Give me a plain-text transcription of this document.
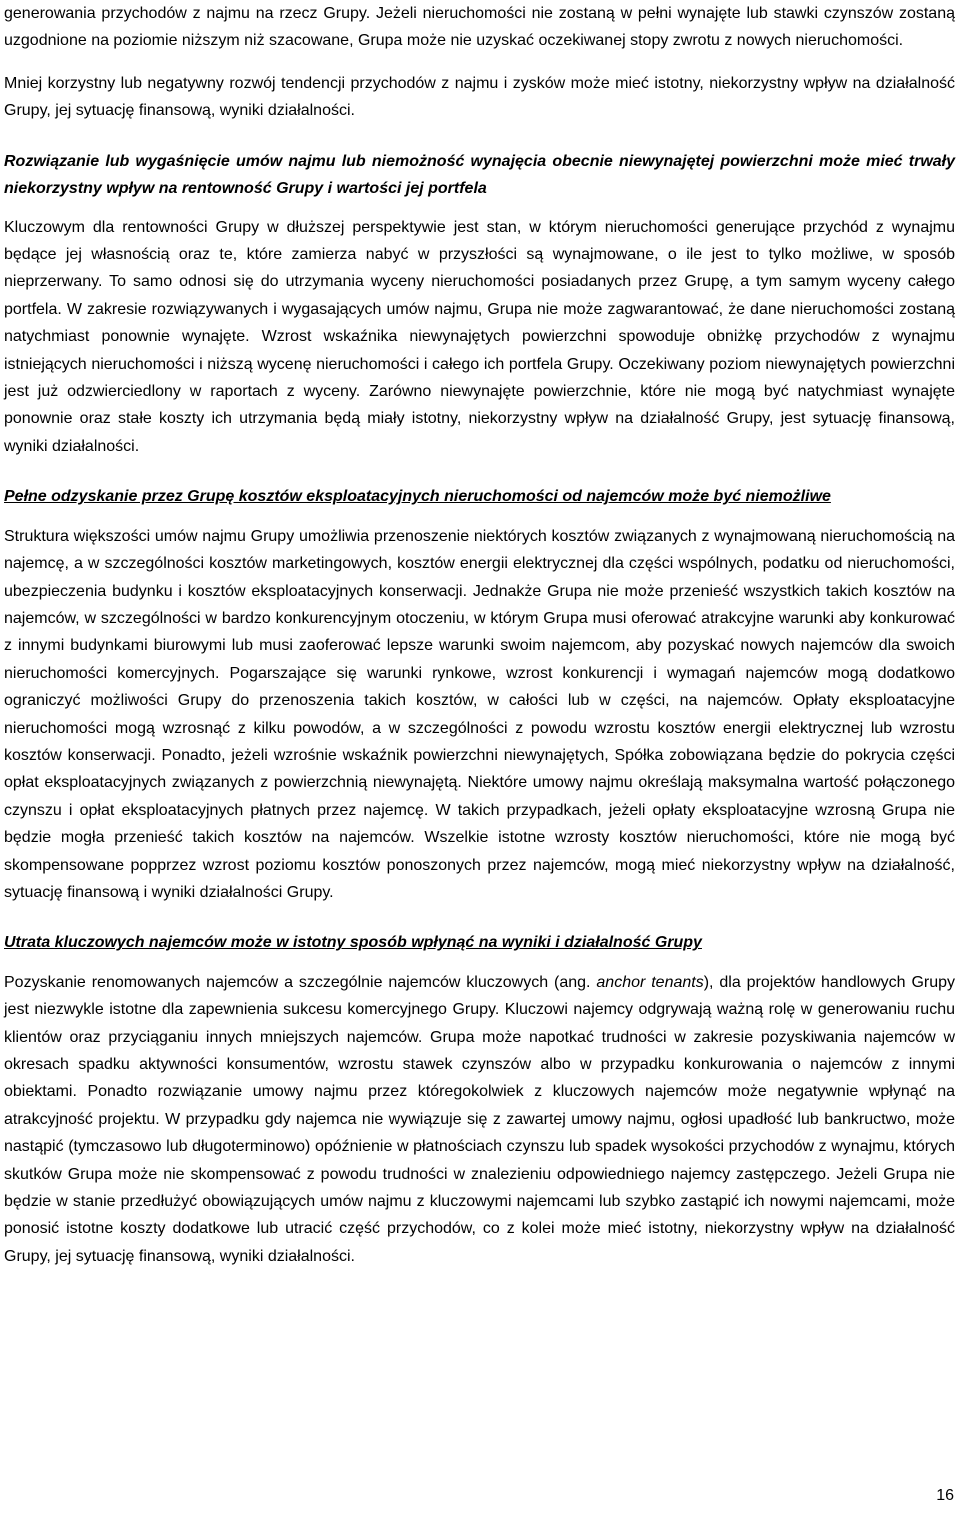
generowania przychodów z najmu na rzecz Grupy. Jeżeli nieruchomości nie zostaną w pełni wynajęte lub stawki czynszów zostaną uzgodnione na poziomie niższym niż szacowane, Grupa może nie uzyskać oczekiwanej stopy zwrotu z nowych nieruchomości.

Mniej korzystny lub negatywny rozwój tendencji przychodów z najmu i zysków może mieć istotny, niekorzystny wpływ na działalność Grupy, jej sytuację finansową, wyniki działalności.

Rozwiązanie lub wygaśnięcie umów najmu lub niemożność wynajęcia obecnie niewynajętej powierzchni może mieć trwały niekorzystny wpływ na rentowność Grupy i wartości jej portfela

Kluczowym dla rentowności Grupy w dłuższej perspektywie jest stan, w którym nieruchomości generujące przychód z wynajmu będące jej własnością oraz te, które zamierza nabyć w przyszłości są wynajmowane, o ile jest to tylko możliwe, w sposób nieprzerwany. To samo odnosi się do utrzymania wyceny nieruchomości posiadanych przez Grupę, a tym samym wyceny całego portfela. W zakresie rozwiązywanych i wygasających umów najmu, Grupa nie może zagwarantować, że dane nieruchomości zostaną natychmiast ponownie wynajęte. Wzrost wskaźnika niewynajętych powierzchni spowoduje obniżkę przychodów z wynajmu istniejących nieruchomości i niższą wycenę nieruchomości i całego ich portfela Grupy. Oczekiwany poziom niewynajętych powierzchni jest już odzwierciedlony w raportach z wyceny. Zarówno niewynajęte powierzchnie, które nie mogą być natychmiast wynajęte ponownie oraz stałe koszty ich utrzymania będą miały istotny, niekorzystny wpływ na działalność Grupy, jest sytuację finansową, wyniki działalności.

Pełne odzyskanie przez Grupę kosztów eksploatacyjnych nieruchomości od najemców może być niemożliwe

Struktura większości umów najmu Grupy umożliwia przenoszenie niektórych kosztów związanych z wynajmowaną nieruchomością na najemcę, a w szczególności kosztów marketingowych, kosztów energii elektrycznej dla części wspólnych, podatku od nieruchomości, ubezpieczenia budynku i kosztów eksploatacyjnych konserwacji. Jednakże Grupa nie może przenieść wszystkich takich kosztów na najemców, w szczególności w bardzo konkurencyjnym otoczeniu, w którym Grupa musi oferować atrakcyjne warunki aby konkurować z innymi budynkami biurowymi lub musi zaoferować lepsze warunki swoim najemcom, aby pozyskać nowych najemców dla swoich nieruchomości komercyjnych. Pogarszające się warunki rynkowe, wzrost konkurencji i wymagań najemców mogą dodatkowo ograniczyć możliwości Grupy do przenoszenia takich kosztów, w całości lub w części, na najemców. Opłaty eksploatacyjne nieruchomości mogą wzrosnąć z kilku powodów, a w szczególności z powodu wzrostu kosztów energii elektrycznej lub wzrostu kosztów konserwacji. Ponadto, jeżeli wzrośnie wskaźnik powierzchni niewynajętych, Spółka zobowiązana będzie do pokrycia części opłat eksploatacyjnych związanych z powierzchnią niewynajętą. Niektóre umowy najmu określają maksymalna wartość połączonego czynszu i opłat eksploatacyjnych płatnych przez najemcę. W takich przypadkach, jeżeli opłaty eksploatacyjne wzrosną Grupa nie będzie mogła przenieść takich kosztów na najemców. Wszelkie istotne wzrosty kosztów nieruchomości, które nie mogą być skompensowane popprzez wzrost poziomu kosztów ponoszonych przez najemców, mogą mieć niekorzystny wpływ na działalność, sytuację finansową i wyniki działalności Grupy.

Utrata kluczowych najemców może w istotny sposób wpłynąć na wyniki i działalność Grupy

Pozyskanie renomowanych najemców a szczególnie najemców kluczowych (ang. anchor tenants), dla projektów handlowych Grupy jest niezwykle istotne dla zapewnienia sukcesu komercyjnego Grupy. Kluczowi najemcy odgrywają ważną rolę w generowaniu ruchu klientów oraz przyciąganiu innych mniejszych najemców. Grupa może napotkać trudności w zakresie pozyskiwania najemców w okresach spadku aktywności konsumentów, wzrostu stawek czynszów albo w przypadku konkurowania o najemców z innymi obiektami. Ponadto rozwiązanie umowy najmu przez któregokolwiek z kluczowych najemców może negatywnie wpłynąć na atrakcyjność projektu. W przypadku gdy najemca nie wywiązuje się z zawartej umowy najmu, ogłosi upadłość lub bankructwo, może nastąpić (tymczasowo lub długoterminowo) opóźnienie w płatnościach czynszu lub spadek wysokości przychodów z wynajmu, których skutków Grupa może nie skompensować z powodu trudności w znalezieniu odpowiedniego najemcy zastępczego. Jeżeli Grupa nie będzie w stanie przedłużyć obowiązujących umów najmu z kluczowymi najemcami lub szybko zastąpić ich nowymi najemcami, może ponosić istotne koszty dodatkowe lub utracić część przychodów, co z kolei może mieć istotny, niekorzystny wpływ na działalność Grupy, jej sytuację finansową, wyniki działalności.

16
